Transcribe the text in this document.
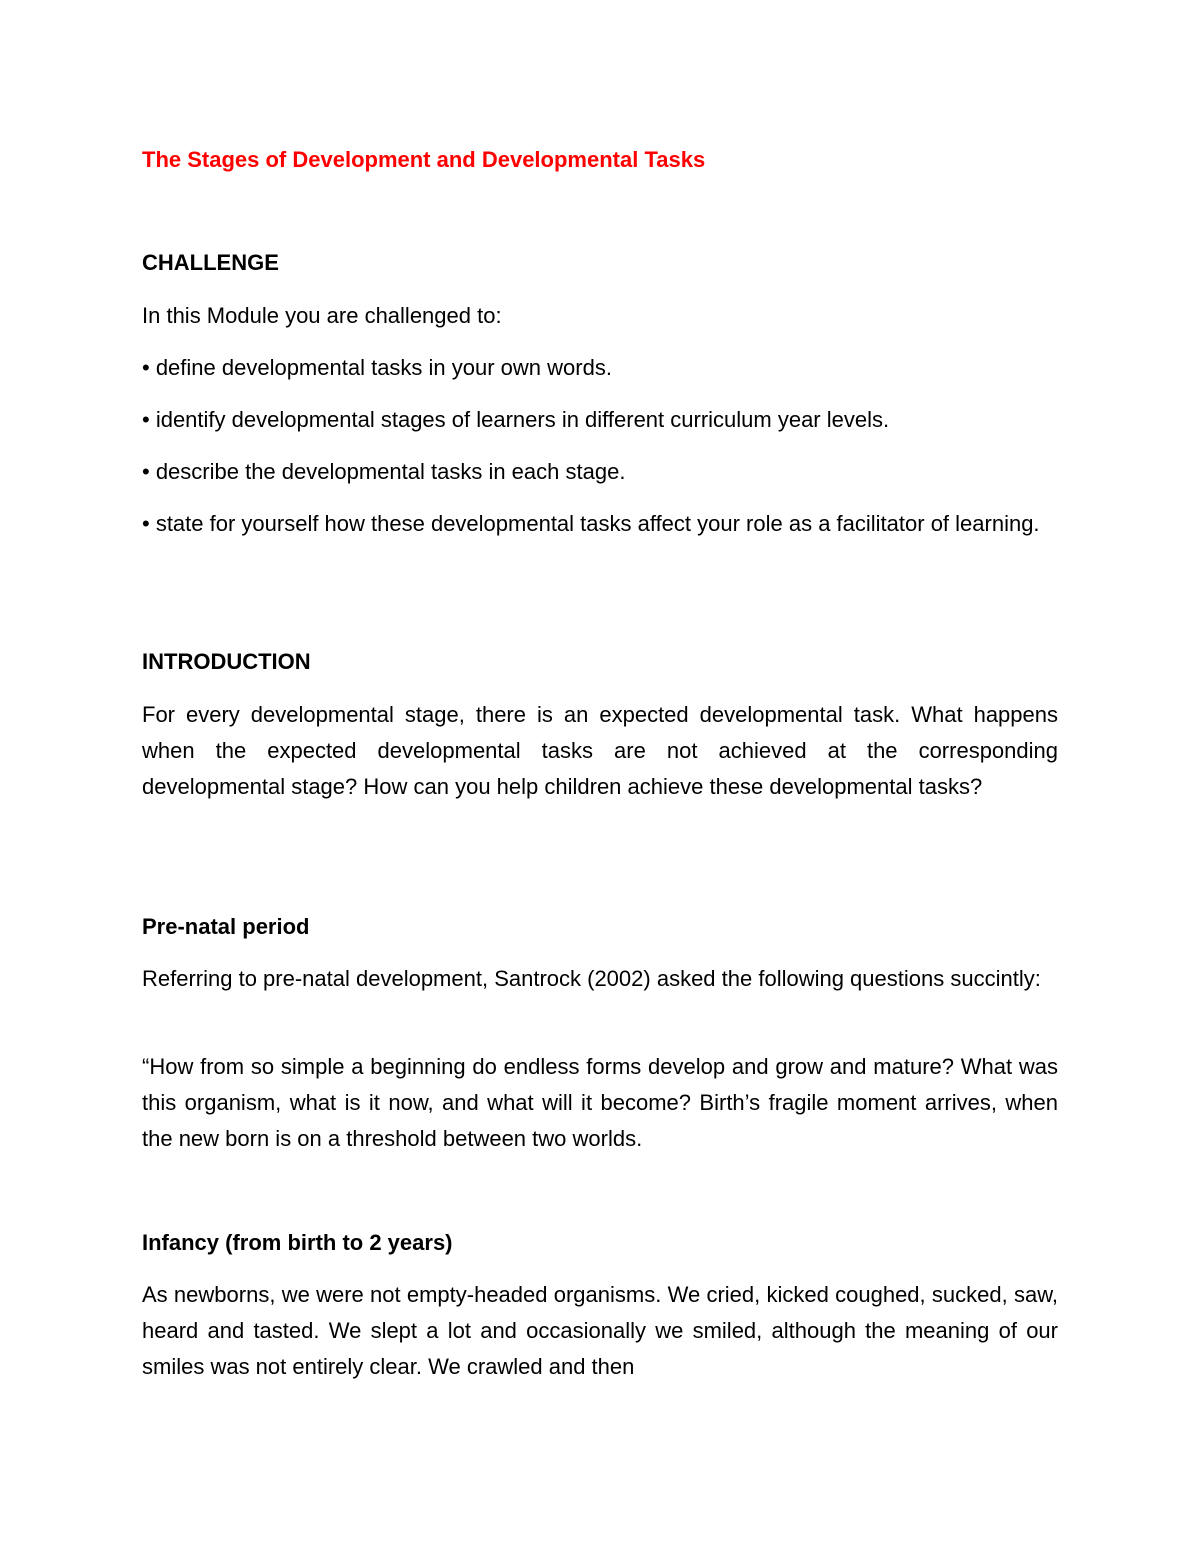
The Stages of Development and Developmental Tasks

CHALLENGE

In this Module you are challenged to:

• define developmental tasks in your own words.

• identify developmental stages of learners in different curriculum year levels.

• describe the developmental tasks in each stage.

• state for yourself how these developmental tasks affect your role as a facilitator of learning.

INTRODUCTION

For every developmental stage, there is an expected developmental task. What happens when the expected developmental tasks are not achieved at the corresponding developmental stage? How can you help children achieve these developmental tasks?

Pre-natal period

Referring to pre-natal development, Santrock (2002) asked the following questions succintly:

“How from so simple a beginning do endless forms develop and grow and mature? What was this organism, what is it now, and what will it become? Birth’s fragile moment arrives, when the new born is on a threshold between two worlds.

Infancy (from birth to 2 years)

As newborns, we were not empty-headed organisms. We cried, kicked coughed, sucked, saw, heard and tasted. We slept a lot and occasionally we smiled, although the meaning of our smiles was not entirely clear. We crawled and then
